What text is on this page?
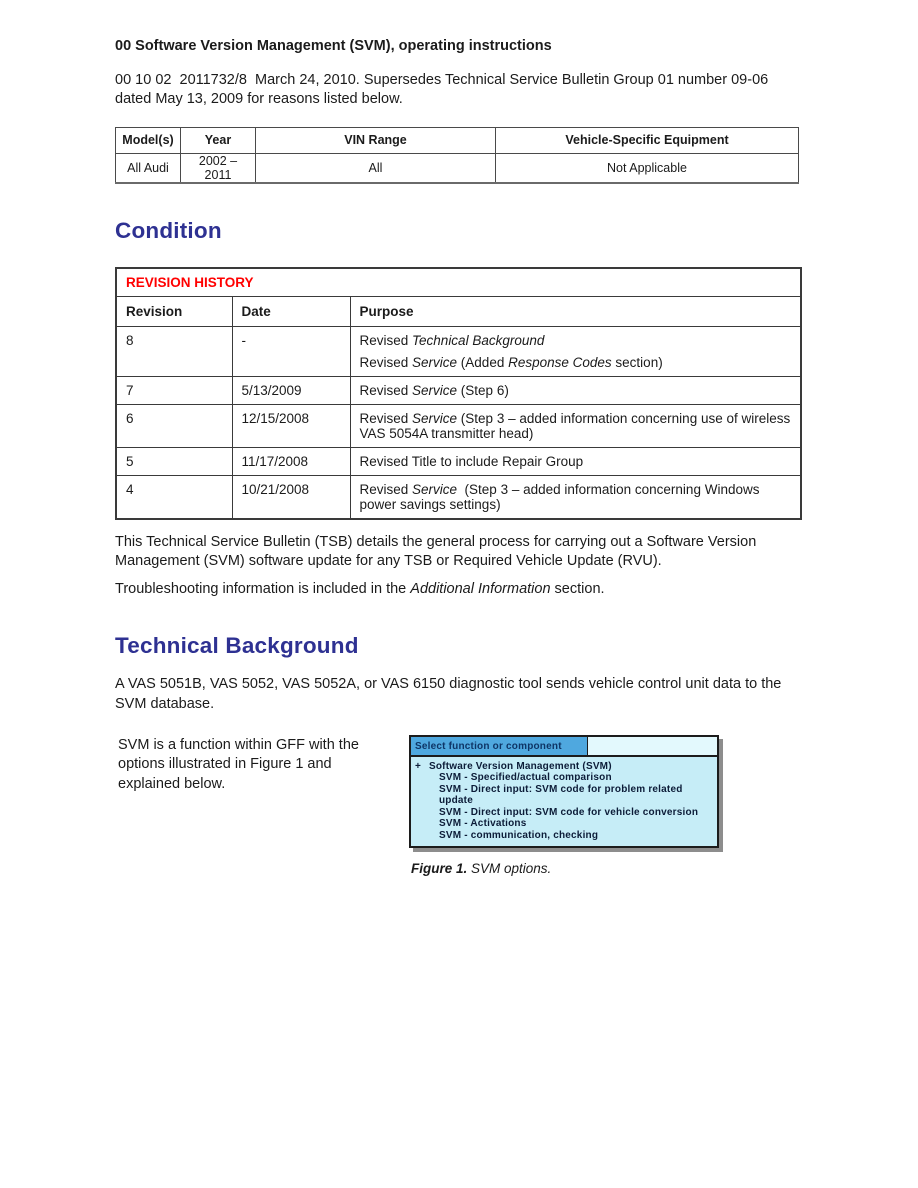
00 Software Version Management (SVM), operating instructions

00 10 02  2011732/8  March 24, 2010. Supersedes Technical Service Bulletin Group 01 number 09-06 dated May 13, 2009 for reasons listed below.

Model(s)	Year	VIN Range	Vehicle-Specific Equipment
All Audi	2002 – 2011	All	Not Applicable
Condition
REVISION HISTORY		
Revision	Date	Purpose
8	-	Revised Technical Background
Revised Service (Added Response Codes section)

7	5/13/2009	Revised Service (Step 6)
6	12/15/2008	Revised Service (Step 3 – added information concerning use of wireless VAS 5054A transmitter head)
5	11/17/2008	Revised Title to include Repair Group
4	10/21/2008	Revised Service  (Step 3 – added information concerning Windows power savings settings)

This Technical Service Bulletin (TSB) details the general process for carrying out a Software Version Management (SVM) software update for any TSB or Required Vehicle Update (RVU).

Troubleshooting information is included in the Additional Information section.

Technical Background

A VAS 5051B, VAS 5052, VAS 5052A, or VAS 6150 diagnostic tool sends vehicle control unit data to the SVM database.

SVM is a function within GFF with the options illustrated in Figure 1 and explained below.

Select function or component
+ Software Version Management (SVM)
SVM - Specified/actual comparison
SVM - Direct input: SVM code for problem related update
SVM - Direct input: SVM code for vehicle conversion
SVM - Activations
SVM - communication, checking

Figure 1. SVM options.
